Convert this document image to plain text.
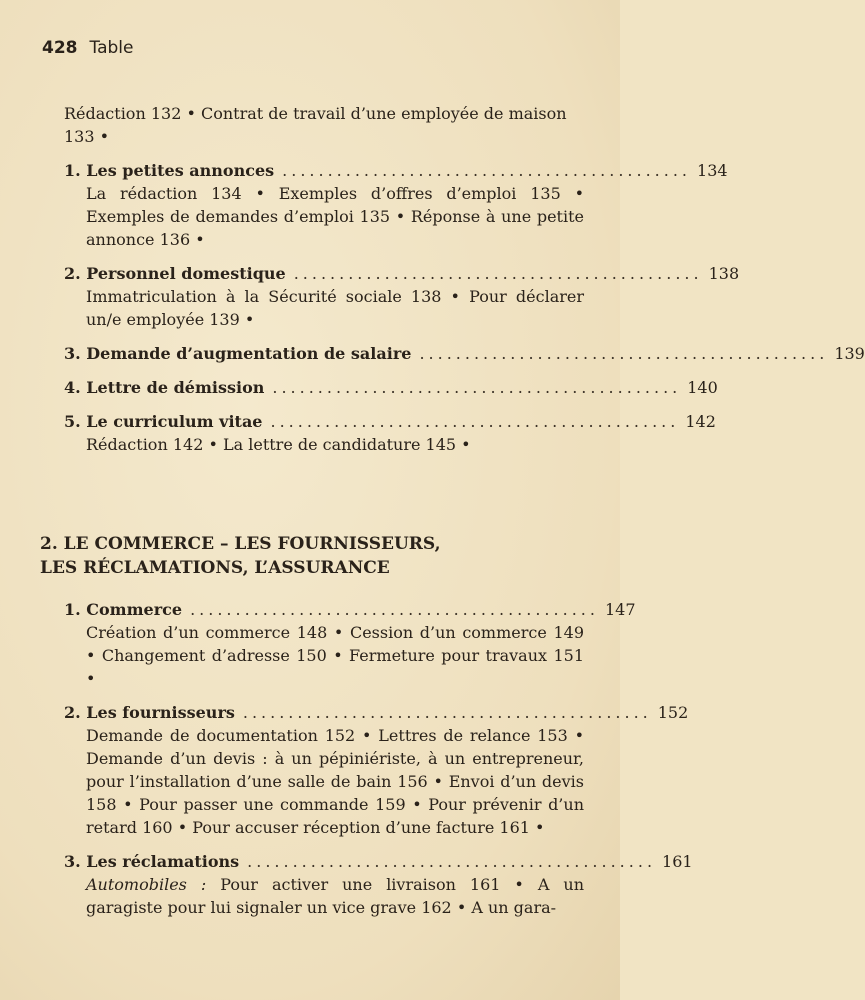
428 Table
Rédaction 132 • Contrat de travail d’une employée de maison 133 •
1. Les petites annonces ............................................. 134
La rédaction 134 • Exemples d’offres d’emploi 135 • Exemples de demandes d’emploi 135 • Réponse à une petite annonce 136 •
2. Personnel domestique ............................................. 138
Immatriculation à la Sécurité sociale 138 • Pour déclarer un/e employée 139 •
3. Demande d’augmentation de salaire ............................................. 139
4. Lettre de démission ............................................. 140
5. Le curriculum vitae ............................................. 142
Rédaction 142 • La lettre de candidature 145 •
2. LE COMMERCE – LES FOURNISSEURS,
LES RÉCLAMATIONS, L’ASSURANCE
1. Commerce ............................................. 147
Création d’un commerce 148 • Cession d’un commerce 149 • Changement d’adresse 150 • Fermeture pour travaux 151 •
2. Les fournisseurs ............................................. 152
Demande de documentation 152 • Lettres de relance 153 • Demande d’un devis : à un pépiniériste, à un entrepreneur, pour l’installation d’une salle de bain 156 • Envoi d’un devis 158 • Pour passer une commande 159 • Pour prévenir d’un retard 160 • Pour accuser réception d’une facture 161 •
3. Les réclamations ............................................. 161
Automobiles : Pour activer une livraison 161 • A un garagiste pour lui signaler un vice grave 162 • A un gara-
